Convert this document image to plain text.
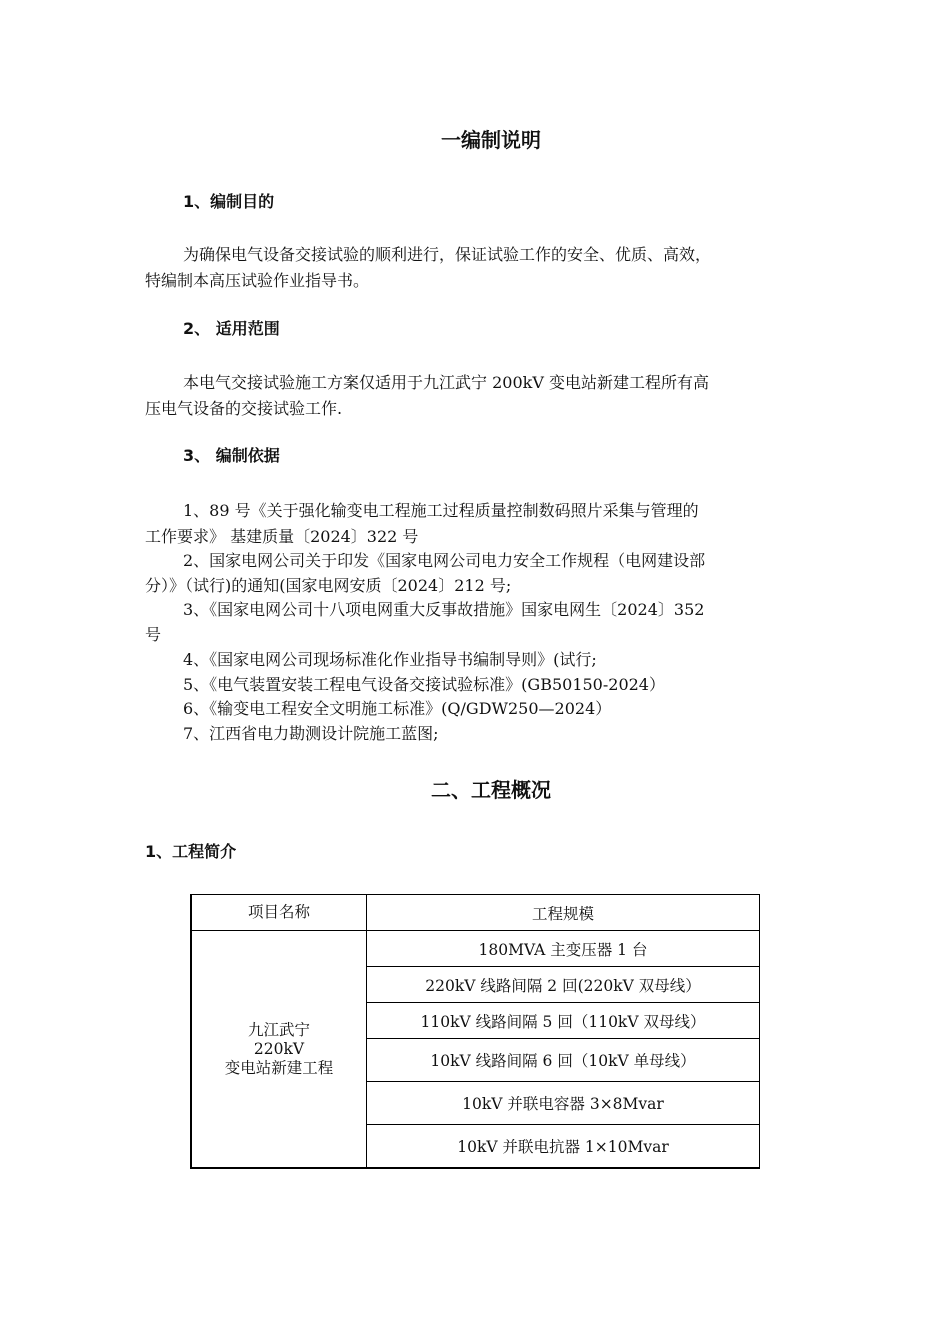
一编制说明
1、编制目的
为确保电气设备交接试验的顺利进行，保证试验工作的安全、优质、高效，
特编制本高压试验作业指导书。
2、 适用范围
本电气交接试验施工方案仅适用于九江武宁 200kV 变电站新建工程所有高
压电气设备的交接试验工作.
3、 编制依据
1、89 号《关于强化输变电工程施工过程质量控制数码照片采集与管理的
工作要求》 基建质量〔2024〕322 号
2、国家电网公司关于印发《国家电网公司电力安全工作规程（电网建设部
分）》（试行)的通知(国家电网安质〔2024〕212 号;
3、《国家电网公司十八项电网重大反事故措施》国家电网生〔2024〕352
号
4、《国家电网公司现场标准化作业指导书编制导则》(试行;
5、《电气装置安装工程电气设备交接试验标准》(GB50150-2024）
6、《输变电工程安全文明施工标准》(Q/GDW250—2024）
7、江西省电力勘测设计院施工蓝图;
二、工程概况
1、工程简介
项目名称	工程规模

九江武宁
220kV
变电站新建工程	180MVA 主变压器 1 台
	220kV 线路间隔 2 回(220kV 双母线）
	110kV 线路间隔 5 回（110kV 双母线）
	10kV 线路间隔 6 回（10kV 单母线）
	10kV 并联电容器 3×8Mvar
	10kV 并联电抗器 1×10Mvar
